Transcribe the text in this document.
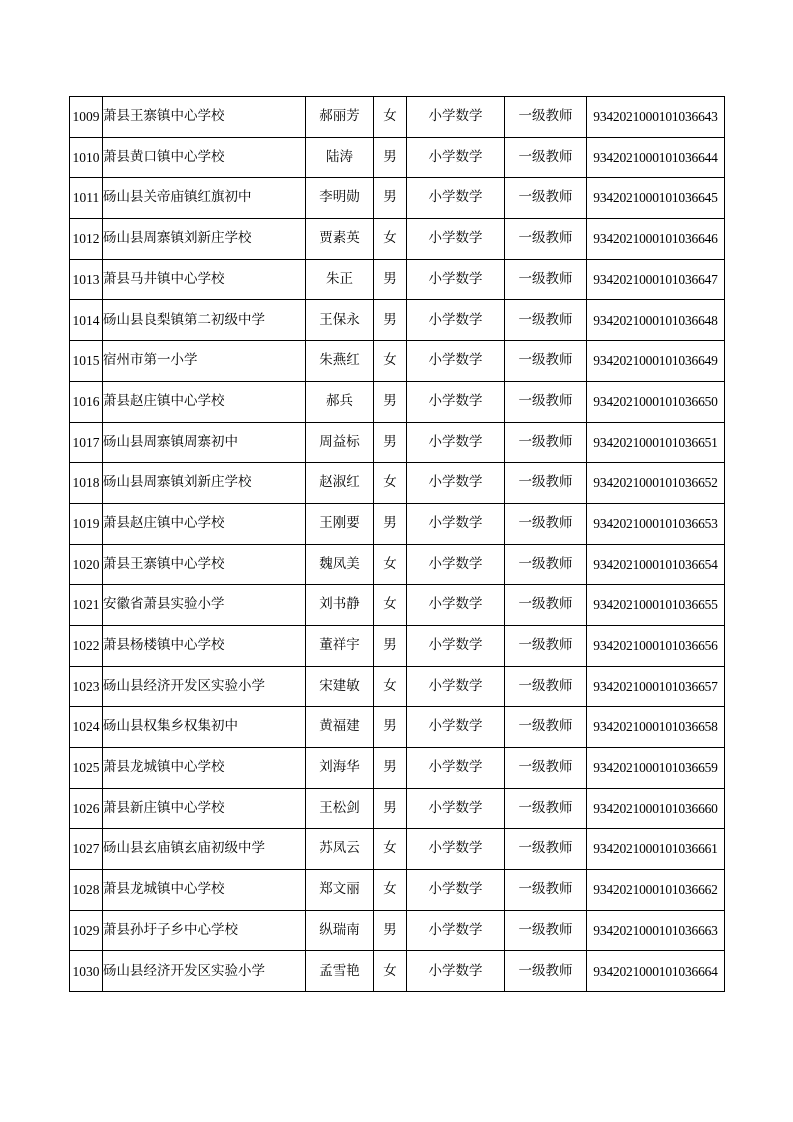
1009	萧县王寨镇中心学校	郝丽芳	女	小学数学	一级教师	9342021000101036643
1010	萧县黄口镇中心学校	陆涛	男	小学数学	一级教师	9342021000101036644
1011	砀山县关帝庙镇红旗初中	李明勋	男	小学数学	一级教师	9342021000101036645
1012	砀山县周寨镇刘新庄学校	贾素英	女	小学数学	一级教师	9342021000101036646
1013	萧县马井镇中心学校	朱正	男	小学数学	一级教师	9342021000101036647
1014	砀山县良梨镇第二初级中学	王保永	男	小学数学	一级教师	9342021000101036648
1015	宿州市第一小学	朱燕红	女	小学数学	一级教师	9342021000101036649
1016	萧县赵庄镇中心学校	郝兵	男	小学数学	一级教师	9342021000101036650
1017	砀山县周寨镇周寨初中	周益标	男	小学数学	一级教师	9342021000101036651
1018	砀山县周寨镇刘新庄学校	赵淑红	女	小学数学	一级教师	9342021000101036652
1019	萧县赵庄镇中心学校	王刚要	男	小学数学	一级教师	9342021000101036653
1020	萧县王寨镇中心学校	魏凤美	女	小学数学	一级教师	9342021000101036654
1021	安徽省萧县实验小学	刘书静	女	小学数学	一级教师	9342021000101036655
1022	萧县杨楼镇中心学校	董祥宇	男	小学数学	一级教师	9342021000101036656
1023	砀山县经济开发区实验小学	宋建敏	女	小学数学	一级教师	9342021000101036657
1024	砀山县权集乡权集初中	黄福建	男	小学数学	一级教师	9342021000101036658
1025	萧县龙城镇中心学校	刘海华	男	小学数学	一级教师	9342021000101036659
1026	萧县新庄镇中心学校	王松剑	男	小学数学	一级教师	9342021000101036660
1027	砀山县玄庙镇玄庙初级中学	苏凤云	女	小学数学	一级教师	9342021000101036661
1028	萧县龙城镇中心学校	郑文丽	女	小学数学	一级教师	9342021000101036662
1029	萧县孙圩子乡中心学校	纵瑞南	男	小学数学	一级教师	9342021000101036663
1030	砀山县经济开发区实验小学	孟雪艳	女	小学数学	一级教师	9342021000101036664
